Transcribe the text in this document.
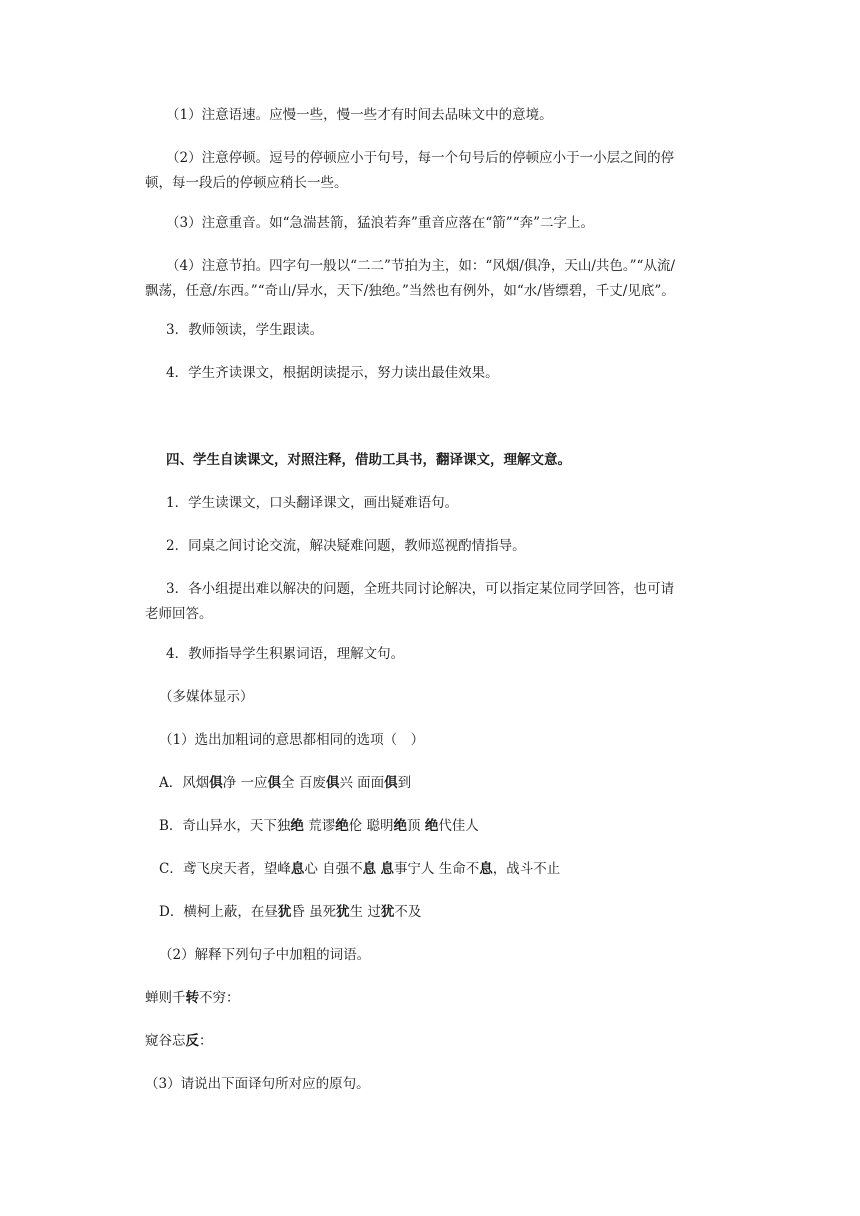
（1）注意语速。应慢一些，慢一些才有时间去品味文中的意境。
（2）注意停顿。逗号的停顿应小于句号，每一个句号后的停顿应小于一小层之间的停
顿，每一段后的停顿应稍长一些。
（3）注意重音。如“急湍甚箭，猛浪若奔”重音应落在“箭”“奔”二字上。
（4）注意节拍。四字句一般以“二二”节拍为主，如：“风烟/俱净，天山/共色。”“从流/
飘荡，任意/东西。”“奇山/异水，天下/独绝。”当然也有例外，如“水/皆缥碧，千丈/见底”。
3．教师领读，学生跟读。
4．学生齐读课文，根据朗读提示，努力读出最佳效果。
四、学生自读课文，对照注释，借助工具书，翻译课文，理解文意。
1．学生读课文，口头翻译课文，画出疑难语句。
2．同桌之间讨论交流，解决疑难问题，教师巡视酌情指导。
3．各小组提出难以解决的问题，全班共同讨论解决，可以指定某位同学回答，也可请
老师回答。
4．教师指导学生积累词语，理解文句。
（多媒体显示）
（1）选出加粗词的意思都相同的选项（　）
A．风烟俱净 一应俱全 百废俱兴 面面俱到
B．奇山异水，天下独绝 荒谬绝伦 聪明绝顶 绝代佳人
C．鸢飞戾天者，望峰息心 自强不息 息事宁人 生命不息，战斗不止
D．横柯上蔽，在昼犹昏 虽死犹生 过犹不及
（2）解释下列句子中加粗的词语。
蝉则千转不穷：
窥谷忘反：
（3）请说出下面译句所对应的原句。
